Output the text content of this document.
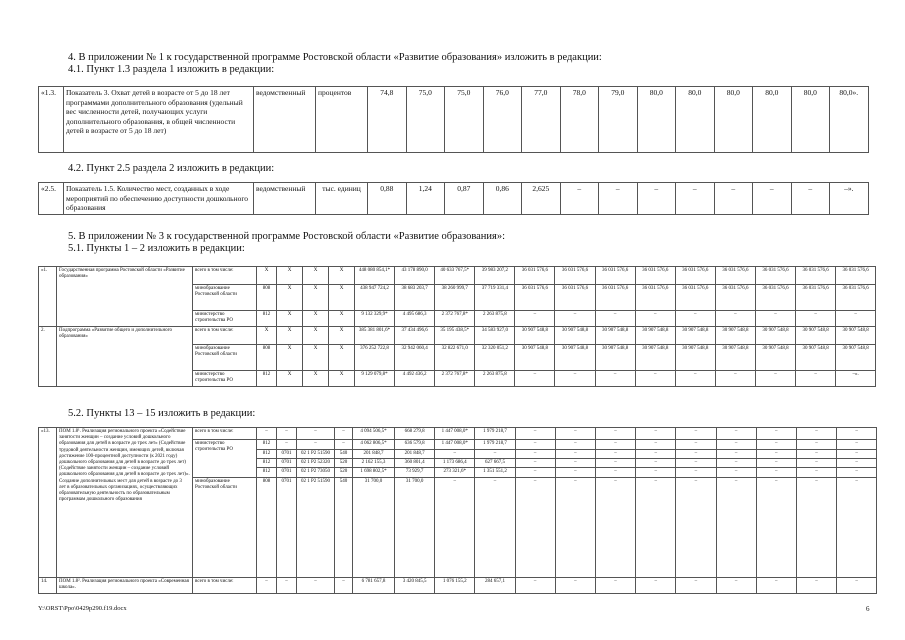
4. В приложении № 1 к государственной программе Ростовской области «Развитие образования» изложить в редакции:
4.1. Пункт 1.3 раздела 1 изложить в редакции:
«1.3.	Показатель 3. Охват детей в возрасте от 5 до 18 лет программами дополнительного образования (удельный вес численности детей, получающих услуги дополнительного образования, в общей численности детей в возрасте от 5 до 18 лет)	ведомственный	процентов	74,8	75,0	75,0	76,0	77,0	78,0	79,0	80,0	80,0	80,0	80,0	80,0	80,0».
4.2. Пункт 2.5 раздела 2 изложить в редакции:
«2.5.	Показатель 1.5. Количество мест, созданных в ходе мероприятий по обеспечению доступности дошкольного образования	ведомственный	тыс. единиц	0,88	1,24	0,87	0,86	2,625	–	–	–	–	–	–	–	–».
5. В приложении № 3 к государственной программе Ростовской области «Развитие образования»:
5.1. Пункты 1 – 2 изложить в редакции:
«1.	Государственная программа Ростовской области «Развитие образования»	всего в том числе:	X	X	X	X	448 080 854,1*	43 178 890,0	40 633 767,5*	39 983 207,2	36 031 576,6	36 031 576,6	36 031 576,6	36 031 576,6	36 031 576,6	36 031 576,6	36 031 576,6	36 031 576,6	36 031 576,6
		минобразование Ростовской области	808	X	X	X	438 947 724,2	38 683 203,7	38 260 999,7	37 719 331,4	36 031 576,6	36 031 576,6	36 031 576,6	36 031 576,6	36 031 576,6	36 031 576,6	36 031 576,6	36 031 576,6	36 031 576,6
		министерство строительства РО	812	X	X	X	9 132 329,9*	4 495 686,3	2 372 767,8*	2 263 875,8	–	–	–	–	–	–	–	–	–
2.	Подпрограмма «Развитие общего и дополнительного образования»	всего в том числе:	X	X	X	X	385 381 801,6*	37 434 496,6	35 195 438,5*	34 583 927,0	30 907 548,8	30 907 548,8	30 907 548,8	30 907 548,8	30 907 548,8	30 907 548,8	30 907 548,8	30 907 548,8	30 907 548,8
		минобразование Ростовской области	808	X	X	X	376 252 722,8	32 942 060,4	32 822 671,0	32 320 051,2	30 907 548,8	30 907 548,8	30 907 548,8	30 907 548,8	30 907 548,8	30 907 548,8	30 907 548,8	30 907 548,8	30 907 548,8
		министерство строительства РО	812	X	X	X	9 129 079,8*	4 492 436,2	2 372 767,8*	2 263 875,8	–	–	–	–	–	–	–	–	–».
5.2. Пункты 13 – 15 изложить в редакции:
«13.	ПОМ 1.8¹. Реализация регионального проекта «Содействие занятости женщин – создание условий дошкольного образования для детей в возрасте до трех лет» (Содействие трудовой деятельности женщин, имеющих детей, включая достижение 100-процентной доступности (к 2021 году) дошкольного образования для детей в возрасте до трех лет) (Содействие занятости женщин – создание условий дошкольного образования для детей в возрасте до трех лет)». Создание дополнительных мест для детей в возрасте до 3 лет в образовательных организациях, осуществляющих образовательную деятельность по образовательным программам дошкольного образования	всего в том числе:	–	–	–	–	4 094 506,5*	668 279,8	1 447 008,0*	1 979 218,7	–	–	–	–	–	–	–	–	–
		министерство строительства РО	812	–	–	–	4 062 806,5*	636 579,8	1 447 008,0*	1 979 218,7	–	–	–	–	–	–	–	–	–
			812	0701	02 1 P2 51590	540	201 848,7	201 848,7	–	–	–	–	–	–	–	–	–	–	–
			812	0701	02 1 P2 52320	520	2 162 155,3	360 801,4	1 173 686,4	627 667,5	–	–	–	–	–	–	–	–	–
			812	0701	02 1 P2 73050	520	1 698 802,5*	73 929,7	273 321,6*	1 351 551,2	–	–	–	–	–	–	–	–	–
		минобразование Ростовской области	808	0701	02 1 P2 51590	540	31 700,0	31 700,0	–	–	–	–	–	–	–	–	–	–	–
14.	ПОМ 1.8². Реализация регионального проекта «Современная школа».	всего в том числе:	–	–	–	–	6 781 657,8	3 420 845,5	1 076 155,2	284 657,1	–	–	–	–	–	–	–	–	–
Y:\ORST\Ppo\0429p290.f19.docx	6
